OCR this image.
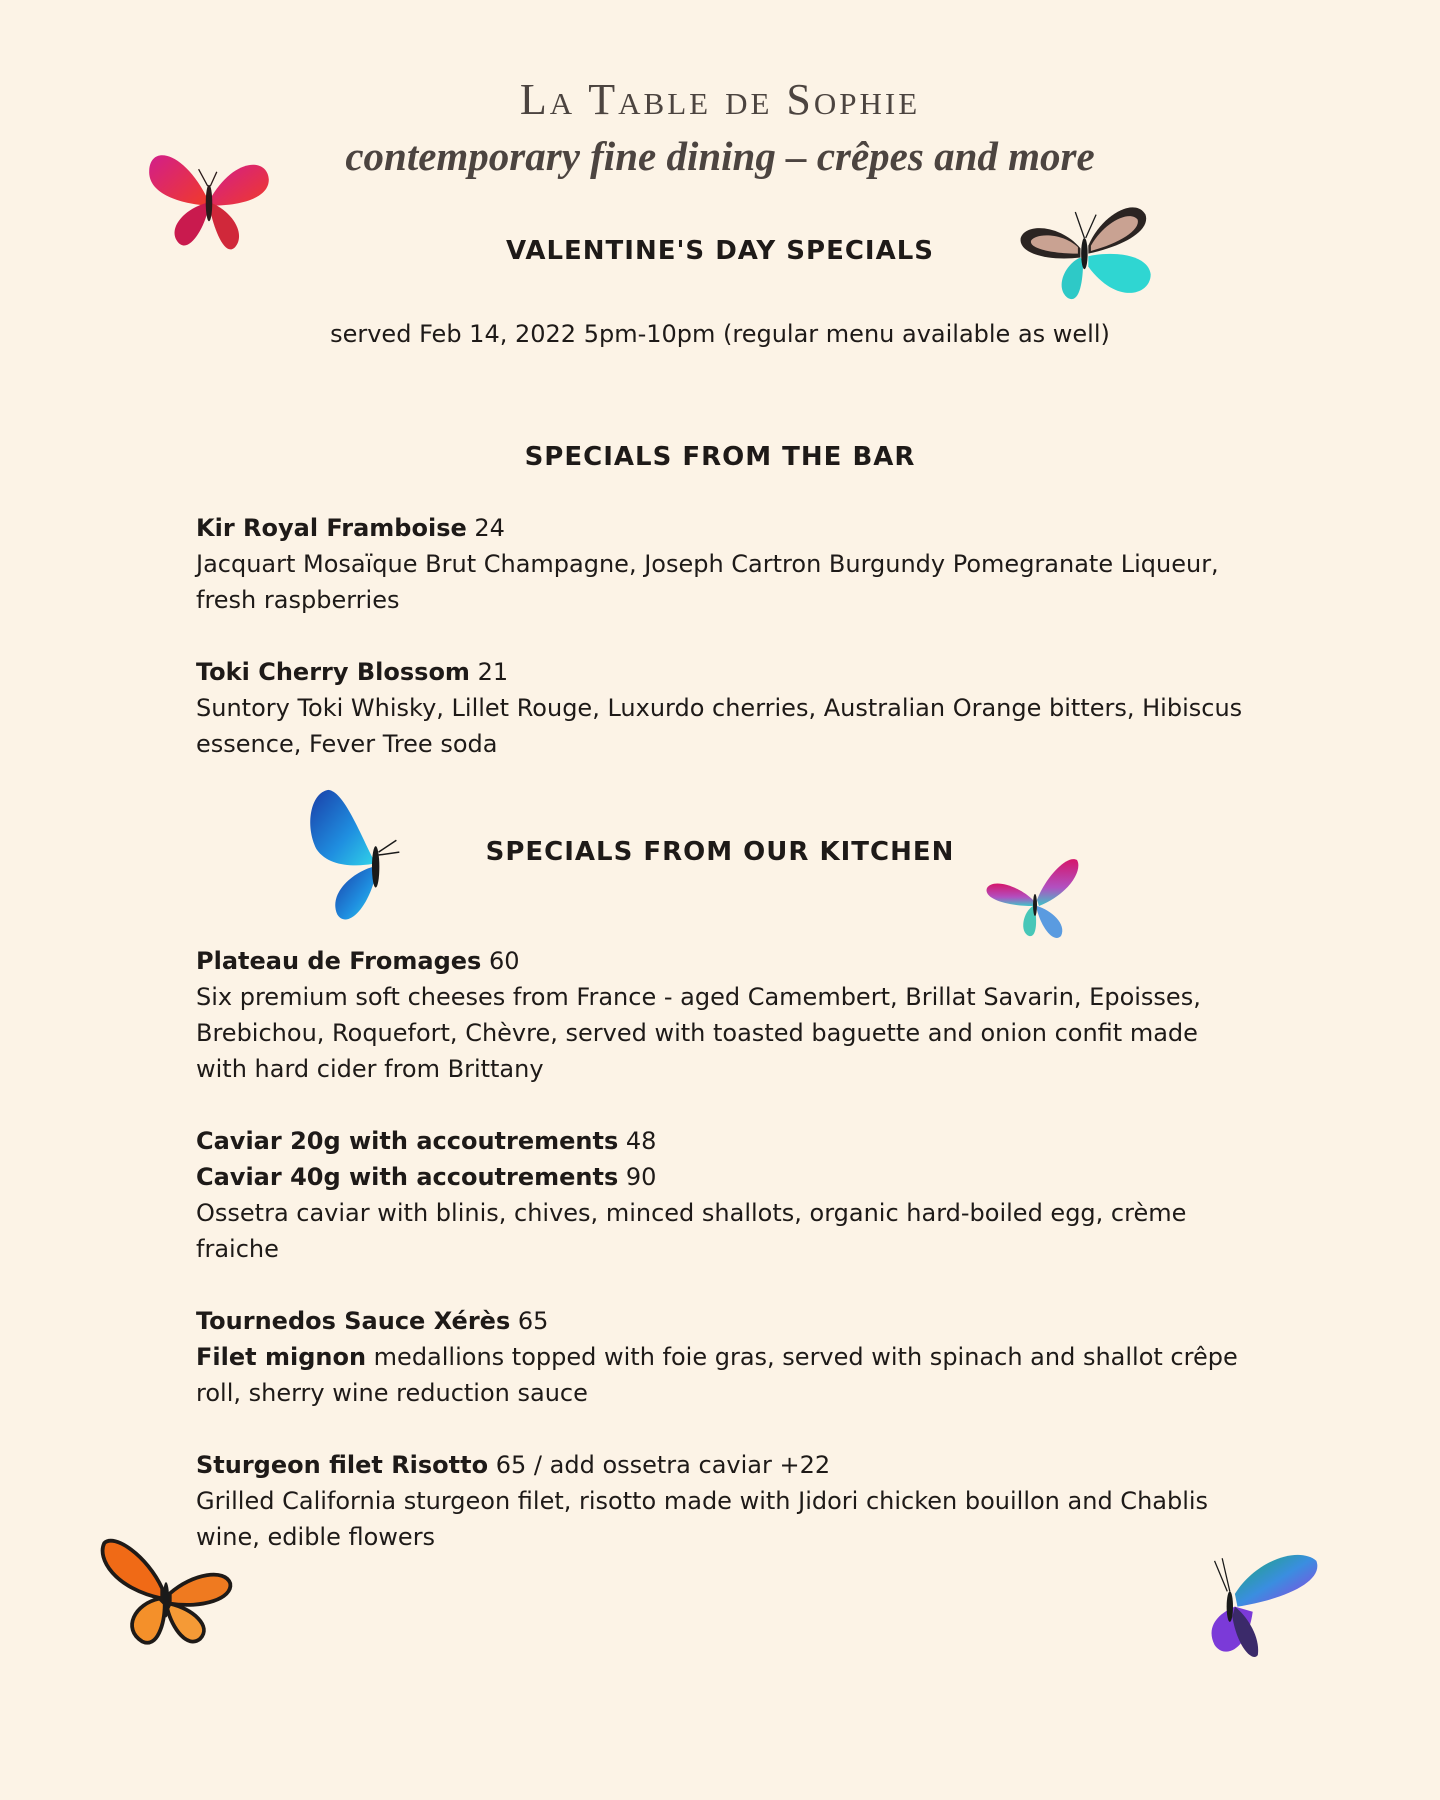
La Table de Sophie
contemporary fine dining – crêpes and more
VALENTINE'S DAY SPECIALS
served Feb 14, 2022 5pm-10pm (regular menu available as well)
SPECIALS FROM THE BAR

Kir Royal Framboise 24

Jacquart Mosaïque Brut Champagne, Joseph Cartron Burgundy Pomegranate Liqueur, fresh raspberries

Toki Cherry Blossom 21

Suntory Toki Whisky, Lillet Rouge, Luxurdo cherries, Australian Orange bitters, Hibiscus essence, Fever Tree soda

SPECIALS FROM OUR KITCHEN

Plateau de Fromages 60

Six premium soft cheeses from France - aged Camembert, Brillat Savarin, Epoisses, Brebichou, Roquefort, Chèvre, served with toasted baguette and onion confit made with hard cider from Brittany

Caviar 20g with accoutrements 48

Caviar 40g with accoutrements 90

Ossetra caviar with blinis, chives, minced shallots, organic hard-boiled egg, crème fraiche

Tournedos Sauce Xérès 65

Filet mignon medallions topped with foie gras, served with spinach and shallot crêpe roll, sherry wine reduction sauce

Sturgeon filet Risotto 65 / add ossetra caviar +22

Grilled California sturgeon filet, risotto made with Jidori chicken bouillon and Chablis wine, edible flowers
